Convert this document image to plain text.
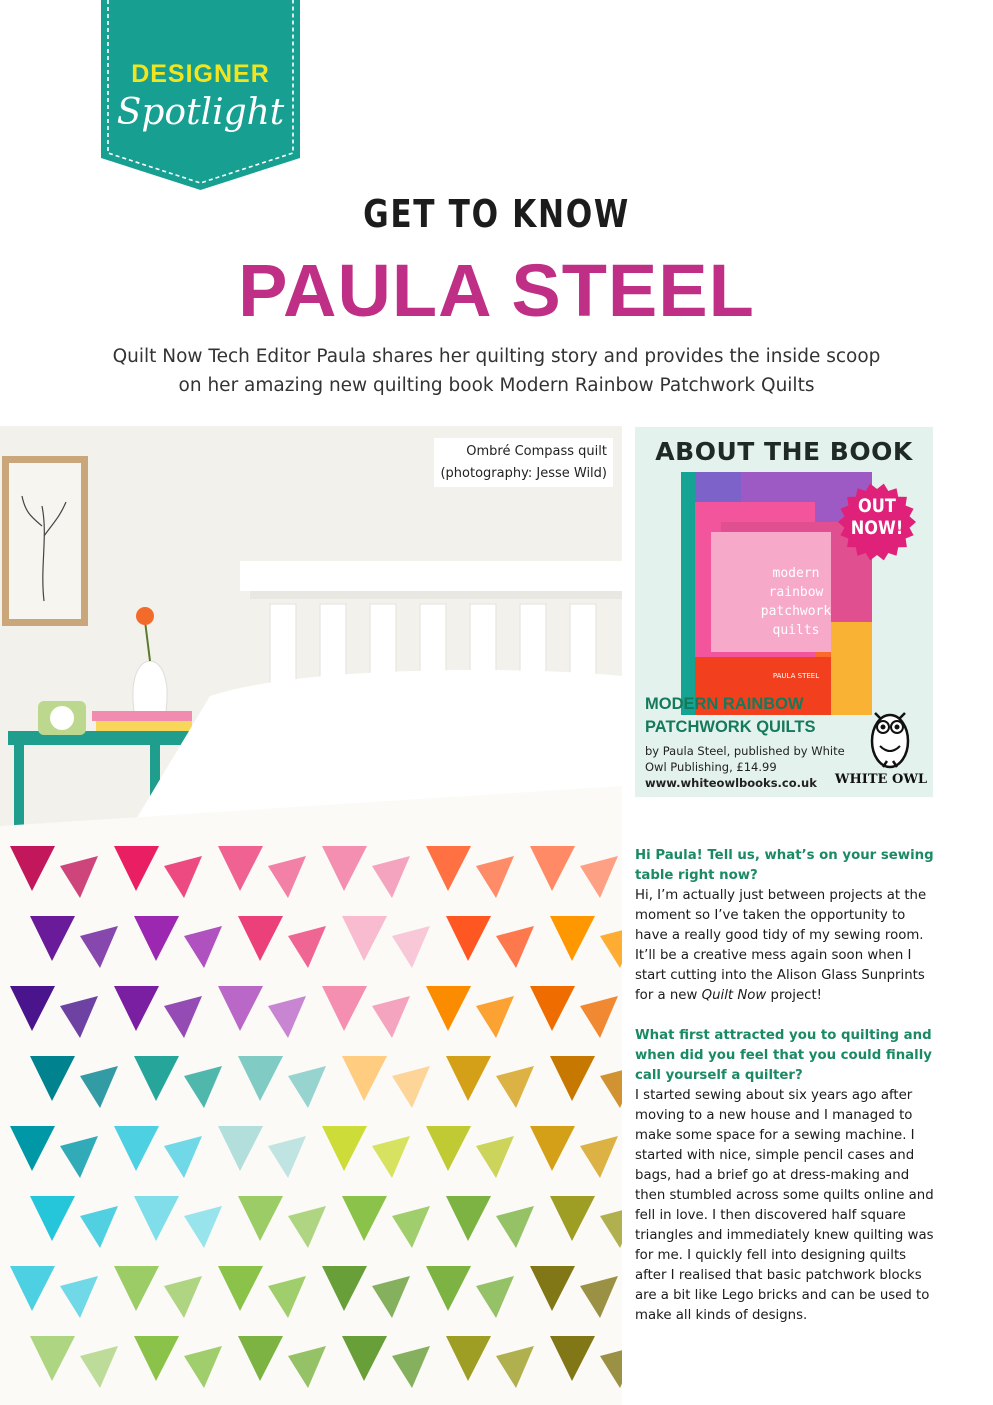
DESIGNER
Spotlight
GET TO KNOW
PAULA STEEL
Quilt Now Tech Editor Paula shares her quilting story and provides the inside scoop
on her amazing new quilting book Modern Rainbow Patchwork Quilts
Ombré Compass quilt
(photography: Jesse Wild)
ABOUT THE BOOK
modern
rainbow
patchwork
quilts
PAULA STEEL
OUT
NOW!
MODERN RAINBOW
PATCHWORK QUILTS
by Paula Steel, published by White
Owl Publishing, £14.99
www.whiteowlbooks.co.uk	WHITE OWL
Hi Paula! Tell us, what’s on your sewing table right now?
Hi, I’m actually just between projects at the moment so I’ve taken the opportunity to have a really good tidy of my sewing room. It’ll be a creative mess again soon when I start cutting into the Alison Glass Sunprints for a new Quilt Now project!
What first attracted you to quilting and when did you feel that you could finally call yourself a quilter?
I started sewing about six years ago after moving to a new house and I managed to make some space for a sewing machine. I started with nice, simple pencil cases and bags, had a brief go at dress-making and then stumbled across some quilts online and fell in love. I then discovered half square triangles and immediately knew quilting was for me. I quickly fell into designing quilts after I realised that basic patchwork blocks are a bit like Lego bricks and can be used to make all kinds of designs.
